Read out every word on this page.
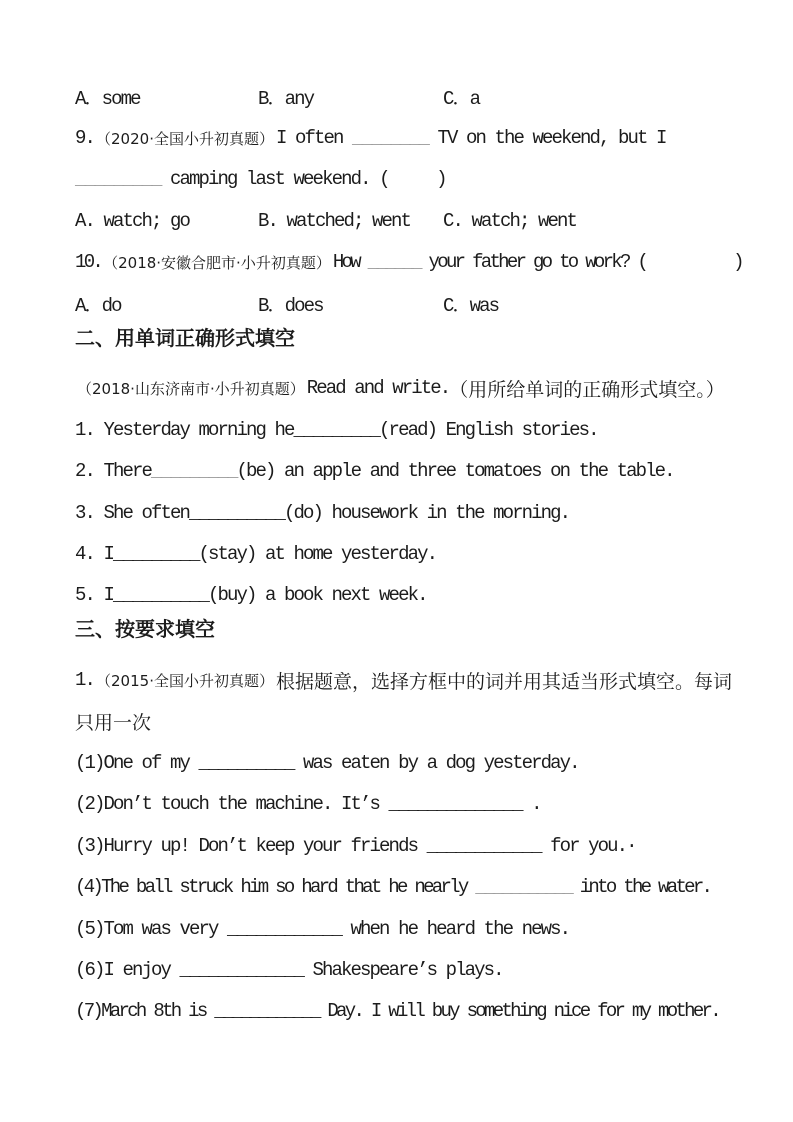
A．some	B．any	C．a
9. （2020·全国小升初真题） I often ________ TV on the weekend, but I
_________ camping last weekend. (     )
A. watch; go	B. watched; went	C. watch; went
10. （2018·安徽合肥市·小升初真题） How ______ your father go to work? (          )
A．do	B．does	C．was
二、用单词正确形式填空
（2018·山东济南市·小升初真题） Read and write. （用所给单词的正确形式填空。）
1. Yesterday morning he_________(read) English stories.
2. There _________ (be) an apple and three tomatoes on the table.
3. She often__________(do) housework in the morning.
4. I_________(stay) at home yesterday.
5. I__________(buy) a book next week.
三、按要求填空
1. （2015·全国小升初真题） 根据题意，选择方框中的词并用其适当形式填空。每词
只用一次
(1)One of my __________ was eaten by a dog yesterday.
(2)Don’t touch the machine. It’s ______________ .
(3)Hurry up! Don’t keep your friends ____________ for you.·
(4)The ball struck him so hard that he nearly ___________ into the water.
(5)Tom was very ____________ when he heard the news.
(6)I enjoy _____________ Shakespeare’s plays.
(7)March 8th is ____________ Day. I will buy something nice for my mother.
